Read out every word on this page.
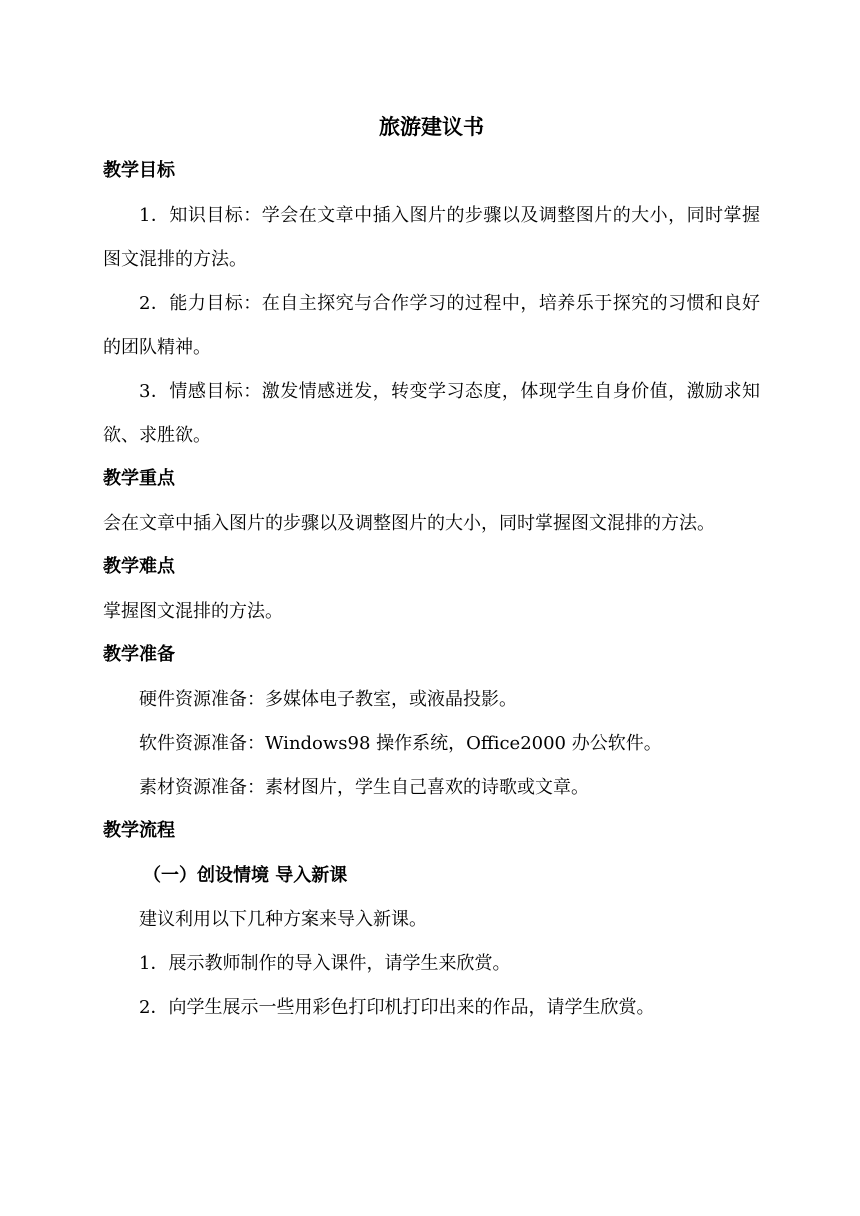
旅游建议书
教学目标

1．知识目标：学会在文章中插入图片的步骤以及调整图片的大小，同时掌握图文混排的方法。

2．能力目标：在自主探究与合作学习的过程中，培养乐于探究的习惯和良好的团队精神。

3．情感目标：激发情感迸发，转变学习态度，体现学生自身价值，激励求知欲、求胜欲。

教学重点

会在文章中插入图片的步骤以及调整图片的大小，同时掌握图文混排的方法。

教学难点

掌握图文混排的方法。

教学准备

硬件资源准备：多媒体电子教室，或液晶投影。

软件资源准备：Windows98 操作系统，Office2000 办公软件。

素材资源准备：素材图片，学生自己喜欢的诗歌或文章。

教学流程

（一）创设情境 导入新课

建议利用以下几种方案来导入新课。

1．展示教师制作的导入课件，请学生来欣赏。

2．向学生展示一些用彩色打印机打印出来的作品，请学生欣赏。
